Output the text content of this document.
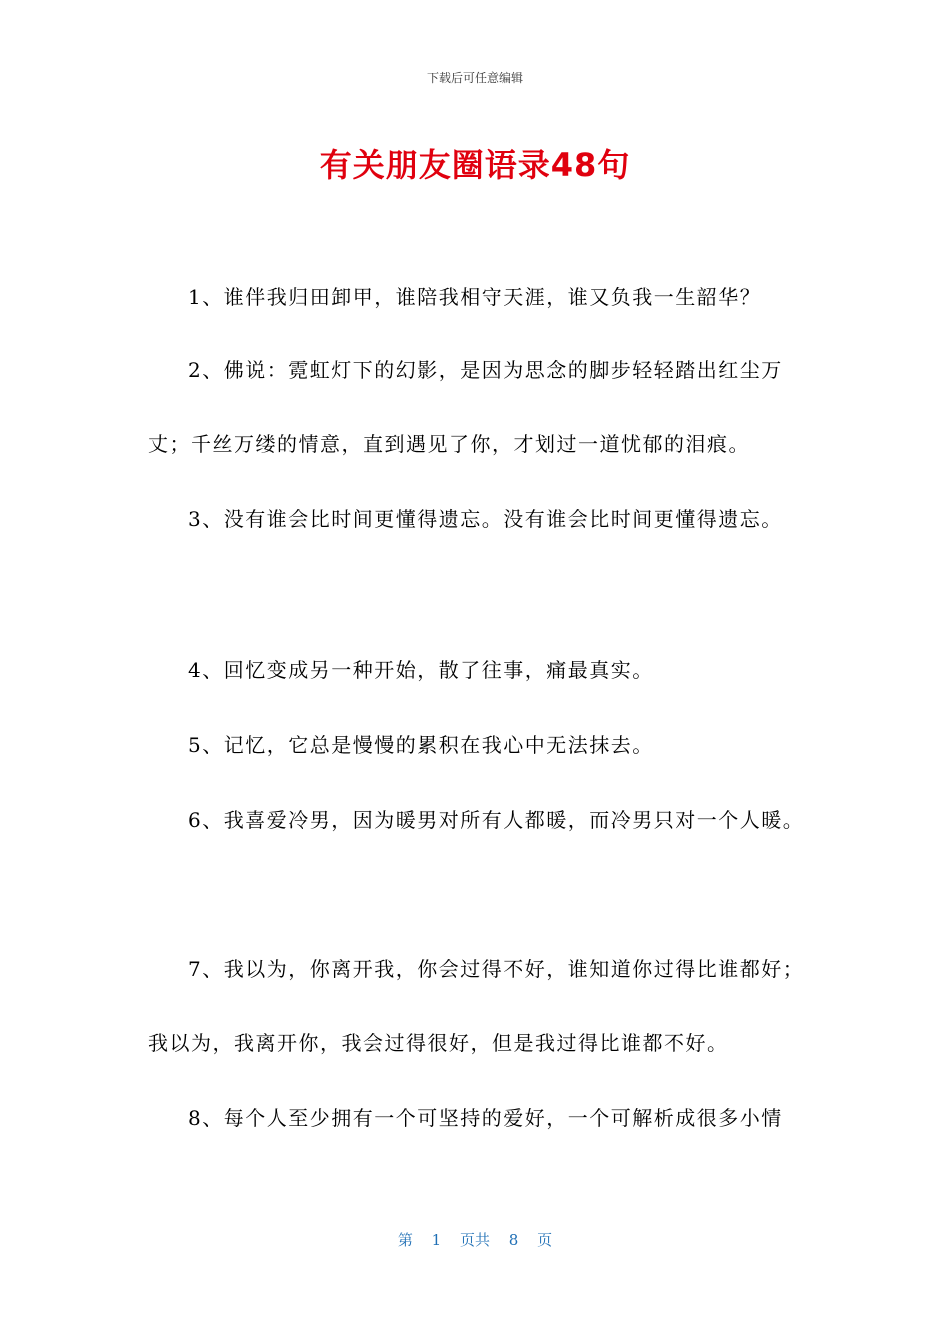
下载后可任意编辑
有关朋友圈语录48句
1、谁伴我归田卸甲，谁陪我相守天涯，谁又负我一生韶华？
2、佛说：霓虹灯下的幻影，是因为思念的脚步轻轻踏出红尘万
丈；千丝万缕的情意，直到遇见了你，才划过一道忧郁的泪痕。
3、没有谁会比时间更懂得遗忘。没有谁会比时间更懂得遗忘。
4、回忆变成另一种开始，散了往事，痛最真实。
5、记忆，它总是慢慢的累积在我心中无法抹去。
6、我喜爱冷男，因为暖男对所有人都暖，而冷男只对一个人暖。
7、我以为，你离开我，你会过得不好，谁知道你过得比谁都好；
我以为，我离开你，我会过得很好，但是我过得比谁都不好。
8、每个人至少拥有一个可坚持的爱好，一个可解析成很多小情
第 1 页共 8 页
